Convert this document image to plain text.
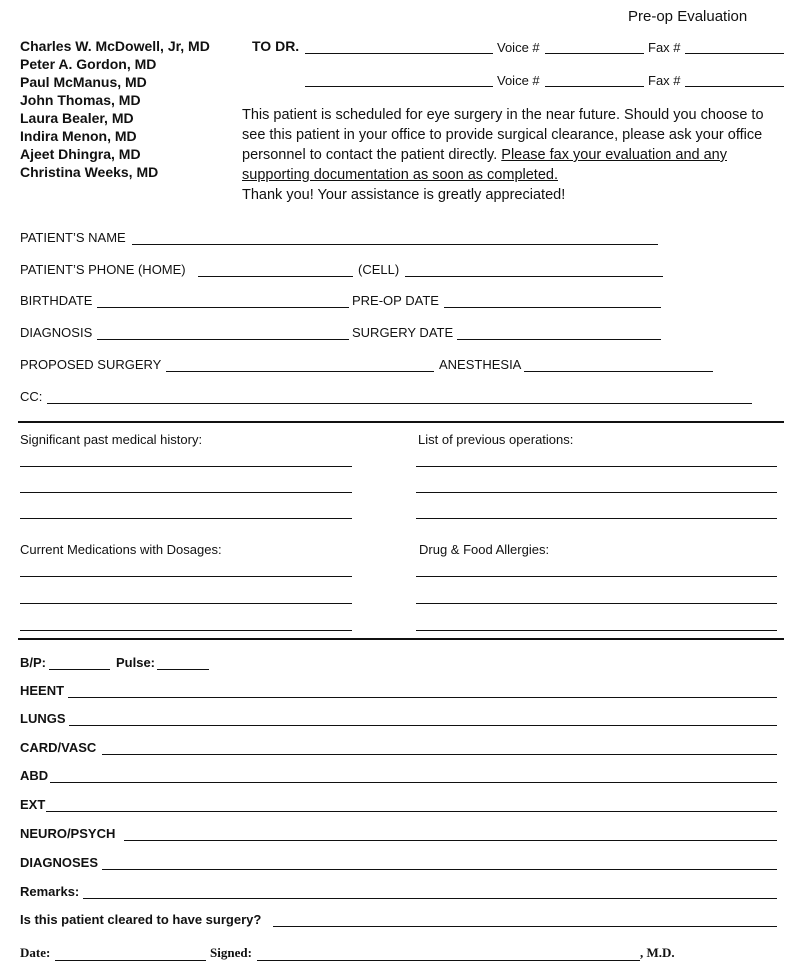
Pre-op Evaluation
Charles W. McDowell, Jr, MD
Peter A. Gordon, MD
Paul McManus, MD
John Thomas, MD
Laura Bealer, MD
Indira Menon, MD
Ajeet Dhingra, MD
Christina Weeks, MD
TO DR.	Voice #	Fax #
Voice #	Fax #
This patient is scheduled for eye surgery in the near future. Should you choose to see this patient in your office to provide surgical clearance, please ask your office personnel to contact the patient directly. Please fax your evaluation and any supporting documentation as soon as completed.
Thank you! Your assistance is greatly appreciated!
PATIENT’S NAME
PATIENT’S PHONE (HOME)	(CELL)
BIRTHDATE	PRE-OP DATE
DIAGNOSIS	SURGERY DATE
PROPOSED SURGERY	ANESTHESIA
CC:
Significant past medical history:	List of previous operations:
Current Medications with Dosages:	Drug & Food Allergies:
B/P:	Pulse:
HEENT
LUNGS
CARD/VASC
ABD
EXT
NEURO/PSYCH
DIAGNOSES
Remarks:
Is this patient cleared to have surgery?
Date:	Signed:	, M.D.
